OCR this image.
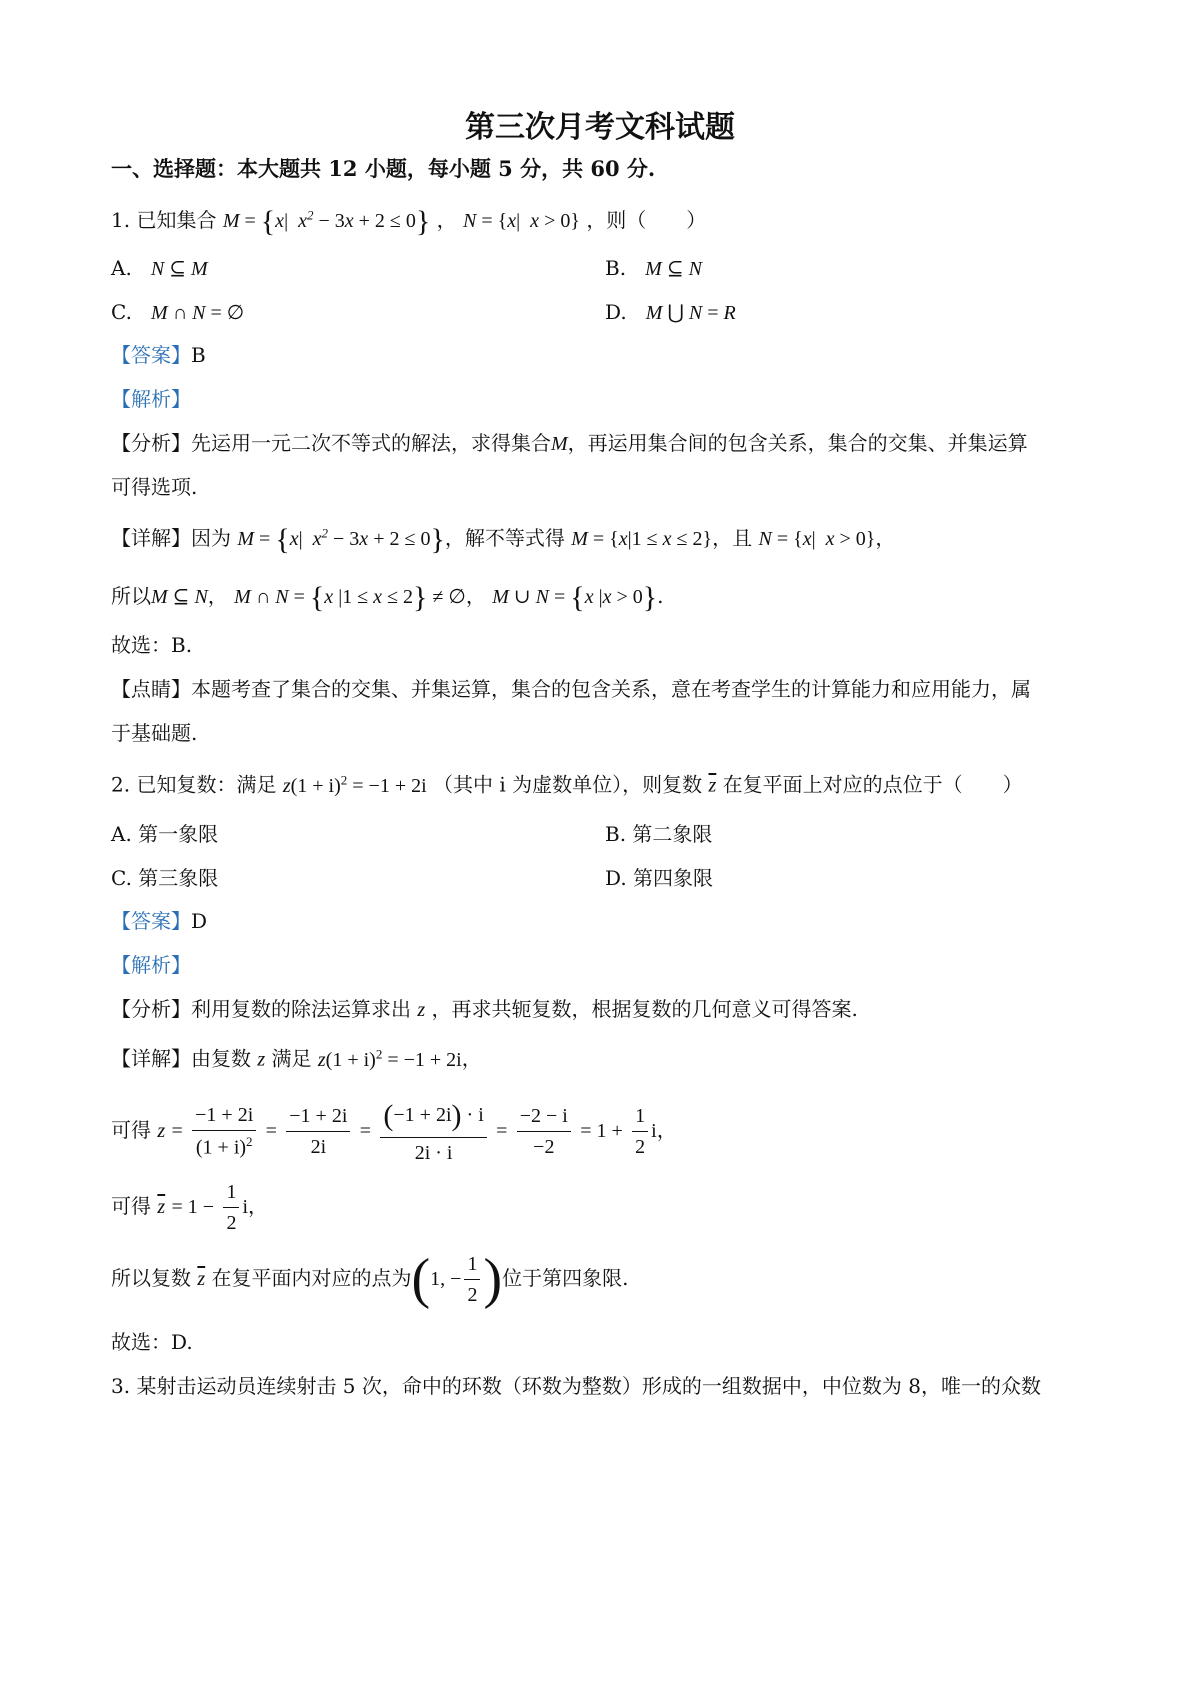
第三次月考文科试题
一、选择题：本大题共 12 小题，每小题 5 分，共 60 分.
1. 已知集合 M = {x|  $x^2 - 3x + 2 \le 0$} ， N = {x|  x > 0} ，则（　　）
A. N ⊆ M	B. M ⊆ N
C. M ∩ N = ∅	D. M ⋃ N = R
【答案】B
【解析】
【分析】先运用一元二次不等式的解法，求得集合M，再运用集合间的包含关系，集合的交集、并集运算
可得选项.
【详解】因为 M = {x|  $x^2 - 3x + 2 \le 0$}，解不等式得 M = {x|1 ≤ x ≤ 2}，且 N = {x|  x > 0}，
所以M ⊆ N， M ∩ N = {x |1 ≤ x ≤ 2} ≠ ∅， M ∪ N = {x |x > 0}.
故选：B.
【点睛】本题考查了集合的交集、并集运算，集合的包含关系，意在考查学生的计算能力和应用能力，属
于基础题.
2. 已知复数：满足 $z(1 + i)^2 = -1 + 2i$ （其中 i 为虚数单位），则复数 $\overline{z}$ 在复平面上对应的点位于（　　）
A. 第一象限	B. 第二象限
C. 第三象限	D. 第四象限
【答案】D
【解析】
【分析】利用复数的除法运算求出 z ，再求共轭复数，根据复数的几何意义可得答案.
【详解】由复数 z 满足 $z(1 + i)^2 = -1 + 2i$，
可得 $z = \frac{-1 + 2i}{(1 + i)^2} = \frac{-1 + 2i}{2i} = \frac{(-1 + 2i) \cdot i}{2i \cdot i} = \frac{-2 - i}{-2} = 1 + \frac{1}{2}$ i，
可得 $\overline{z} = 1 - \frac{1}{2}$ i，
所以复数 $\overline{z}$ 在复平面内对应的点为(1, − $\frac{1}{2}$ )位于第四象限.
故选：D.
3. 某射击运动员连续射击 5 次，命中的环数（环数为整数）形成的一组数据中，中位数为 8，唯一的众数
